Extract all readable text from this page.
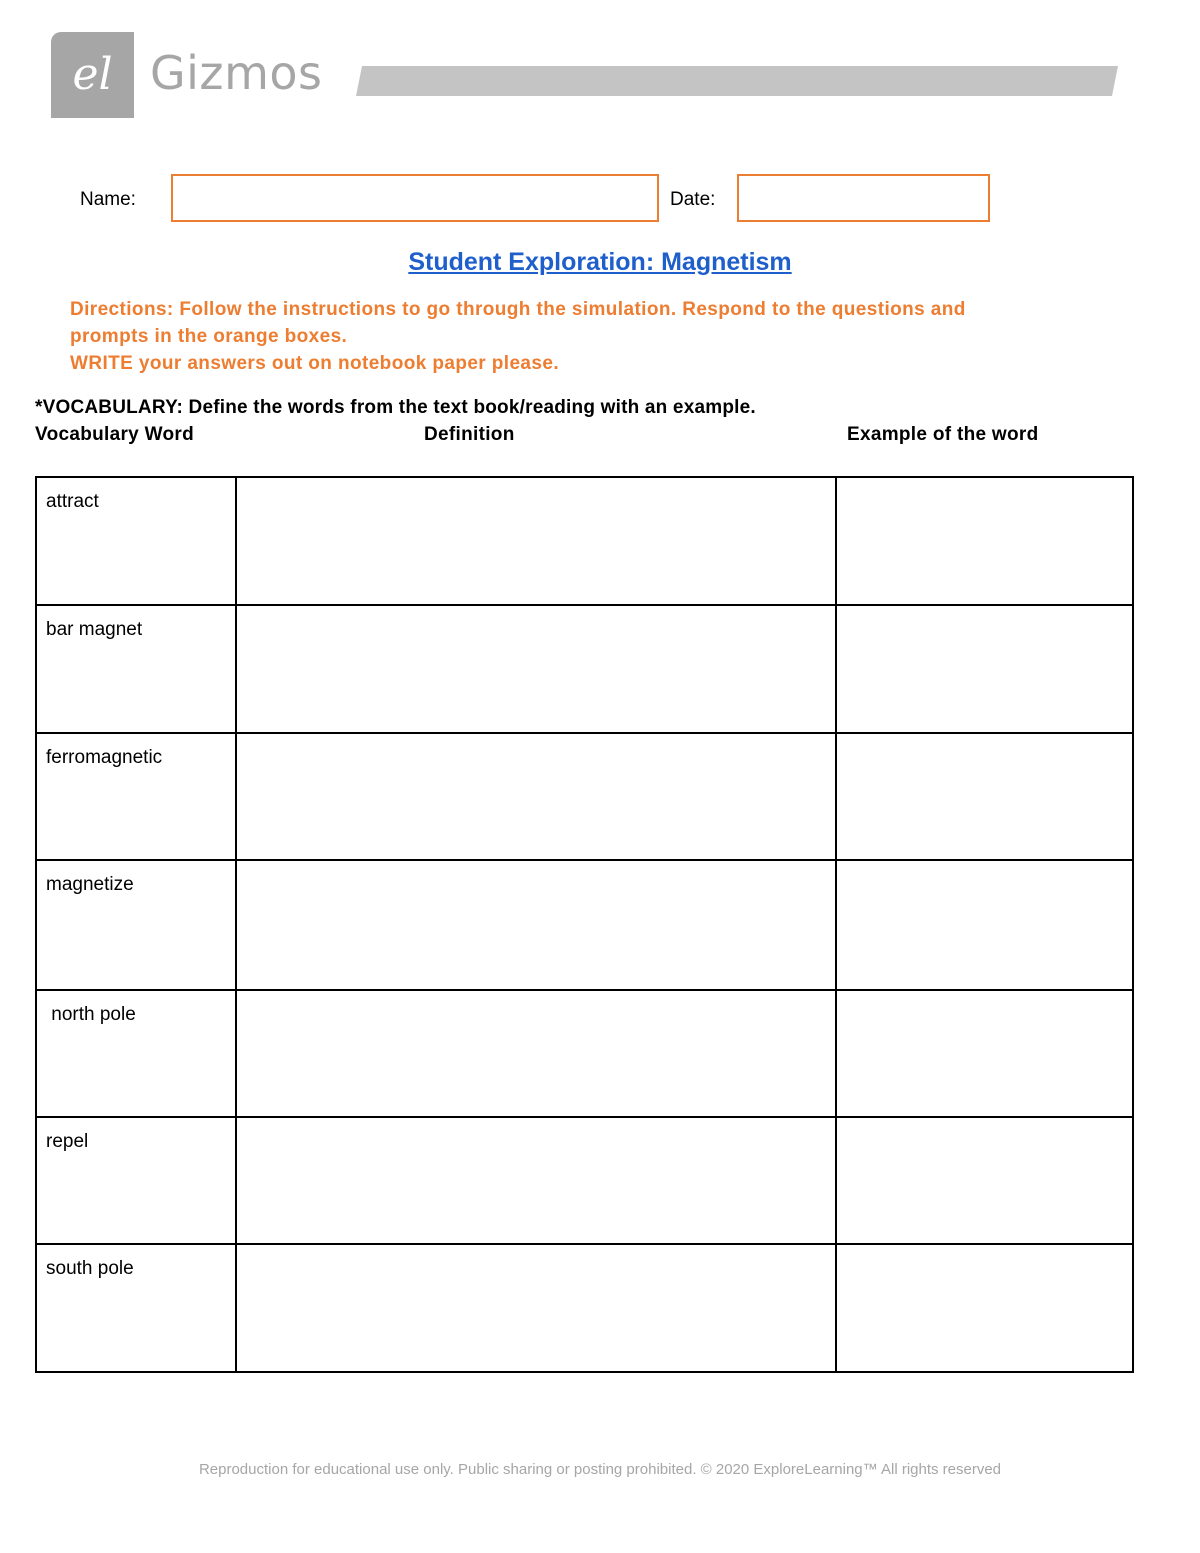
el Gizmos
Name:	Date:
Student Exploration: Magnetism
Directions: Follow the instructions to go through the simulation. Respond to the questions and
prompts in the orange boxes.
WRITE your answers out on notebook paper please.
*VOCABULARY: Define the words from the text book/reading with an example.
Vocabulary Word	Definition	Example of the word
attract		
bar magnet		
ferromagnetic		
magnetize		
north pole		
repel		
south pole		
Reproduction for educational use only. Public sharing or posting prohibited. © 2020 ExploreLearning™ All rights reserved
